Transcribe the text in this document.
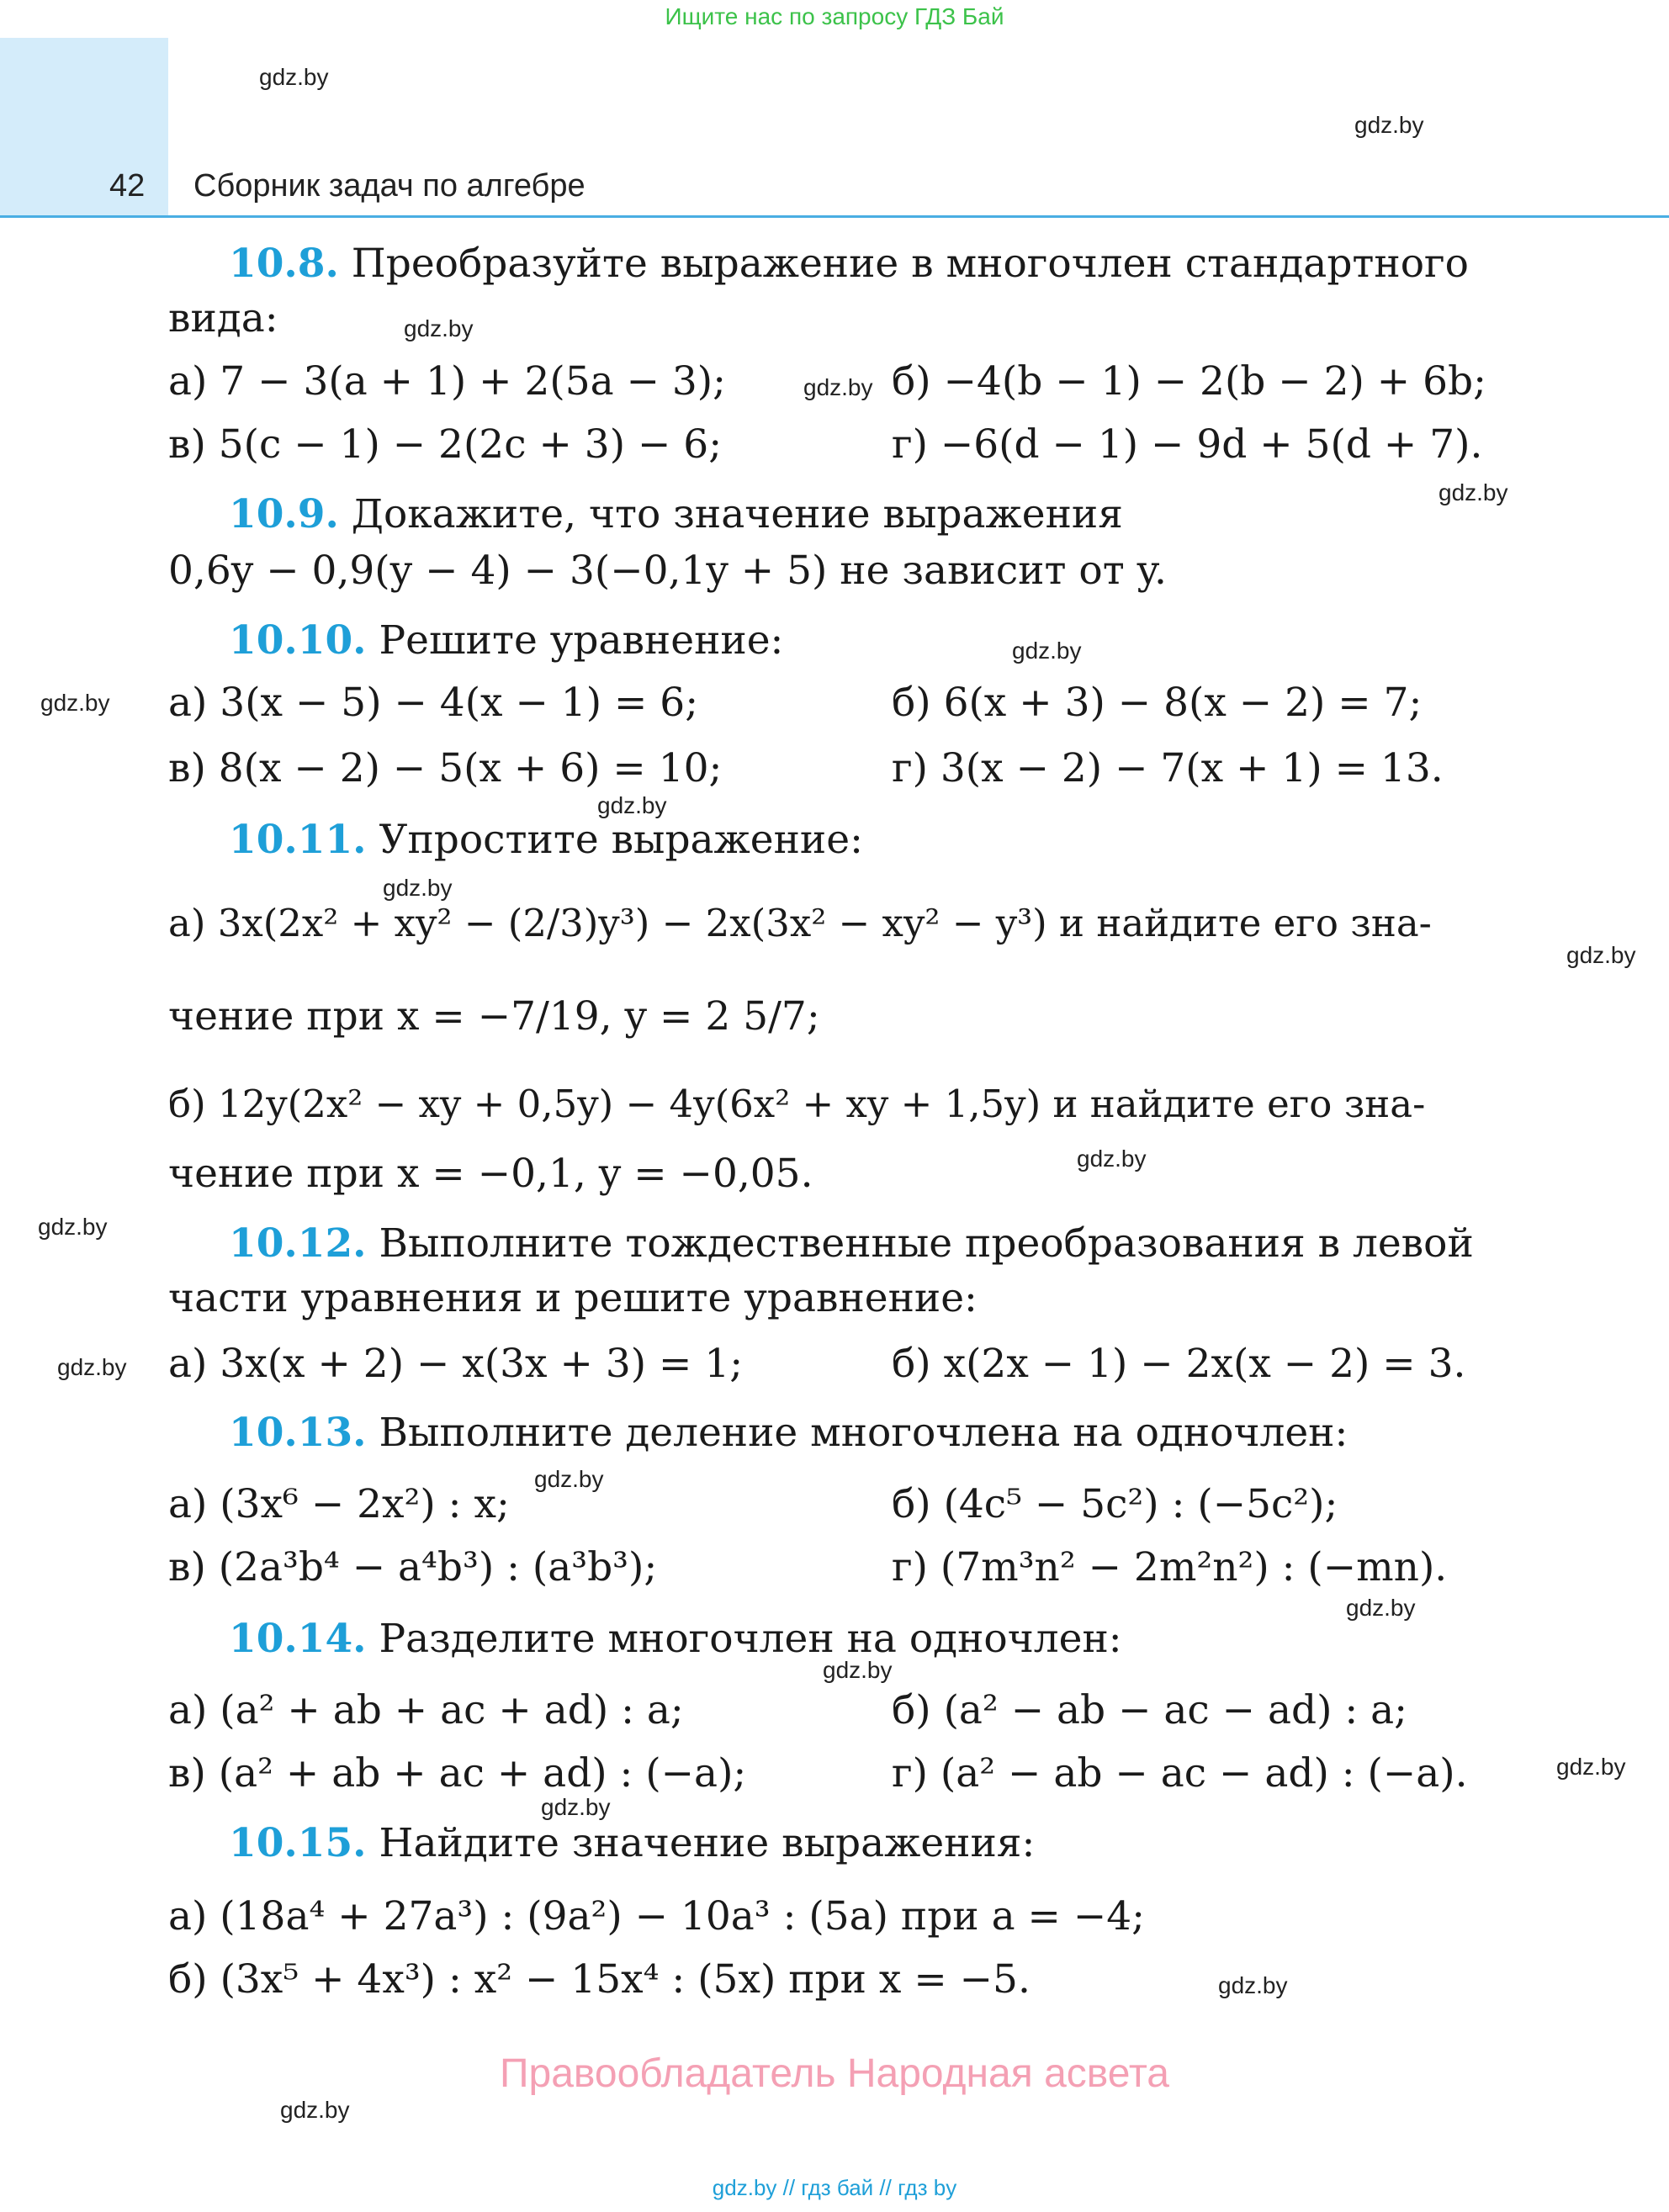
Ищите нас по запросу ГДЗ Бай
42 Сборник задач по алгебре
gdz.by
gdz.by
gdz.by
gdz.by
gdz.by
gdz.by
gdz.by
gdz.by
gdz.by
gdz.by
gdz.by
gdz.by
gdz.by
gdz.by
gdz.by
gdz.by
gdz.by
gdz.by
gdz.by
gdz.by
10.8. Преобразуйте выражение в многочлен стандартного
вида:
а) 7 − 3(a + 1) + 2(5a − 3);	б) −4(b − 1) − 2(b − 2) + 6b;
в) 5(c − 1) − 2(2c + 3) − 6;	г) −6(d − 1) − 9d + 5(d + 7).
10.9. Докажите, что значение выражения
0,6y − 0,9(y − 4) − 3(−0,1y + 5) не зависит от y.
10.10. Решите уравнение:
а) 3(x − 5) − 4(x − 1) = 6;	б) 6(x + 3) − 8(x − 2) = 7;
в) 8(x − 2) − 5(x + 6) = 10;	г) 3(x − 2) − 7(x + 1) = 13.
10.11. Упростите выражение:
а) 3x(2x² + xy² − (2/3)y³) − 2x(3x² − xy² − y³) и найдите его зна-
чение при x = −7/19, y = 2 5/7;
б) 12y(2x² − xy + 0,5y) − 4y(6x² + xy + 1,5y) и найдите его зна-
чение при x = −0,1, y = −0,05.
10.12. Выполните тождественные преобразования в левой
части уравнения и решите уравнение:
а) 3x(x + 2) − x(3x + 3) = 1;	б) x(2x − 1) − 2x(x − 2) = 3.
10.13. Выполните деление многочлена на одночлен:
а) (3x⁶ − 2x²) : x;	б) (4c⁵ − 5c²) : (−5c²);
в) (2a³b⁴ − a⁴b³) : (a³b³);	г) (7m³n² − 2m²n²) : (−mn).
10.14. Разделите многочлен на одночлен:
а) (a² + ab + ac + ad) : a;	б) (a² − ab − ac − ad) : a;
в) (a² + ab + ac + ad) : (−a);	г) (a² − ab − ac − ad) : (−a).
10.15. Найдите значение выражения:
а) (18a⁴ + 27a³) : (9a²) − 10a³ : (5a) при a = −4;
б) (3x⁵ + 4x³) : x² − 15x⁴ : (5x) при x = −5.
Правообладатель Народная асвета
gdz.by // гдз бай // гдз by
